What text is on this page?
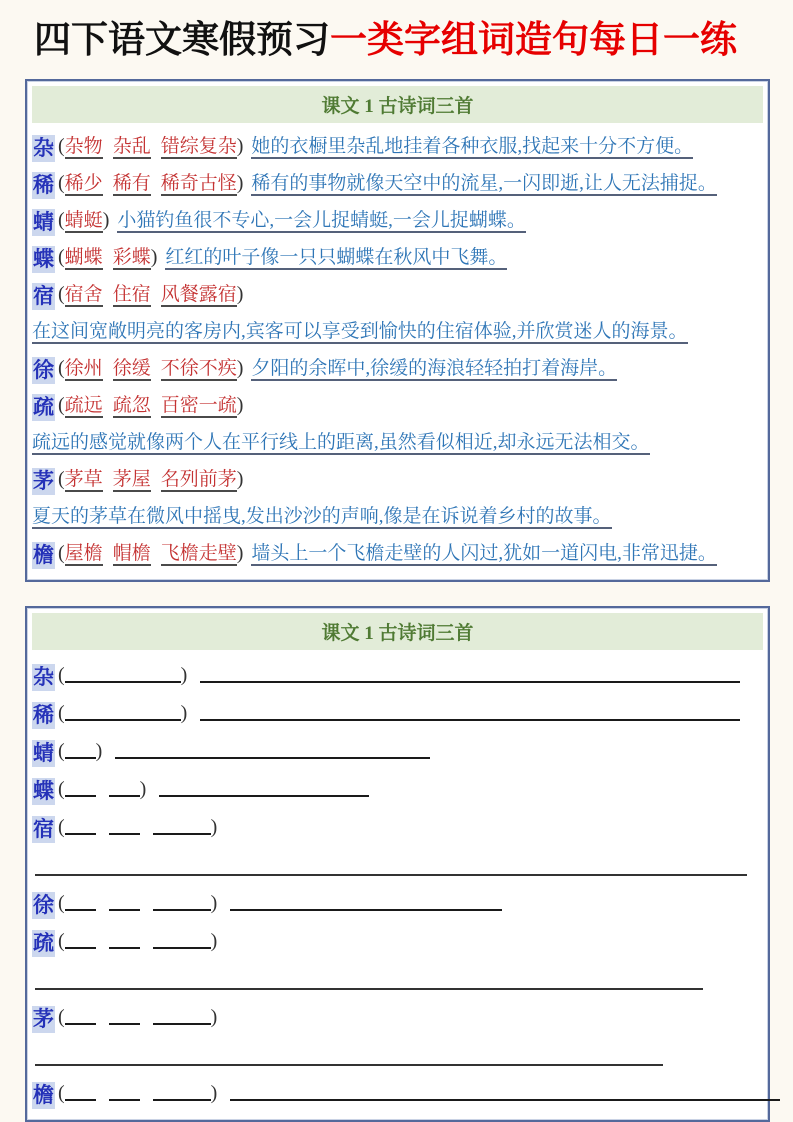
四下语文寒假预习一类字组词造句每日一练
课文 1 古诗词三首
杂 (杂物 杂乱 错综复杂) 她的衣橱里杂乱地挂着各种衣服,找起来十分不方便。
稀 (稀少 稀有 稀奇古怪) 稀有的事物就像天空中的流星,一闪即逝,让人无法捕捉。
蜻 (蜻蜓) 小猫钓鱼很不专心,一会儿捉蜻蜓,一会儿捉蝴蝶。
蝶 (蝴蝶 彩蝶) 红红的叶子像一只只蝴蝶在秋风中飞舞。
宿 (宿舍 住宿 风餐露宿)
在这间宽敞明亮的客房内,宾客可以享受到愉快的住宿体验,并欣赏迷人的海景。
徐 (徐州 徐缓 不徐不疾) 夕阳的余晖中,徐缓的海浪轻轻拍打着海岸。
疏 (疏远 疏忽 百密一疏)
疏远的感觉就像两个人在平行线上的距离,虽然看似相近,却永远无法相交。
茅 (茅草 茅屋 名列前茅)
夏天的茅草在微风中摇曳,发出沙沙的声响,像是在诉说着乡村的故事。
檐 (屋檐 帽檐 飞檐走壁) 墙头上一个飞檐走壁的人闪过,犹如一道闪电,非常迅捷。
课文 1 古诗词三首
杂 (	)
稀 (	)
蜻 ( )
蝶 (	)
宿 (	)
徐 (	)
疏 (	)
茅 (	)
檐 (	)
